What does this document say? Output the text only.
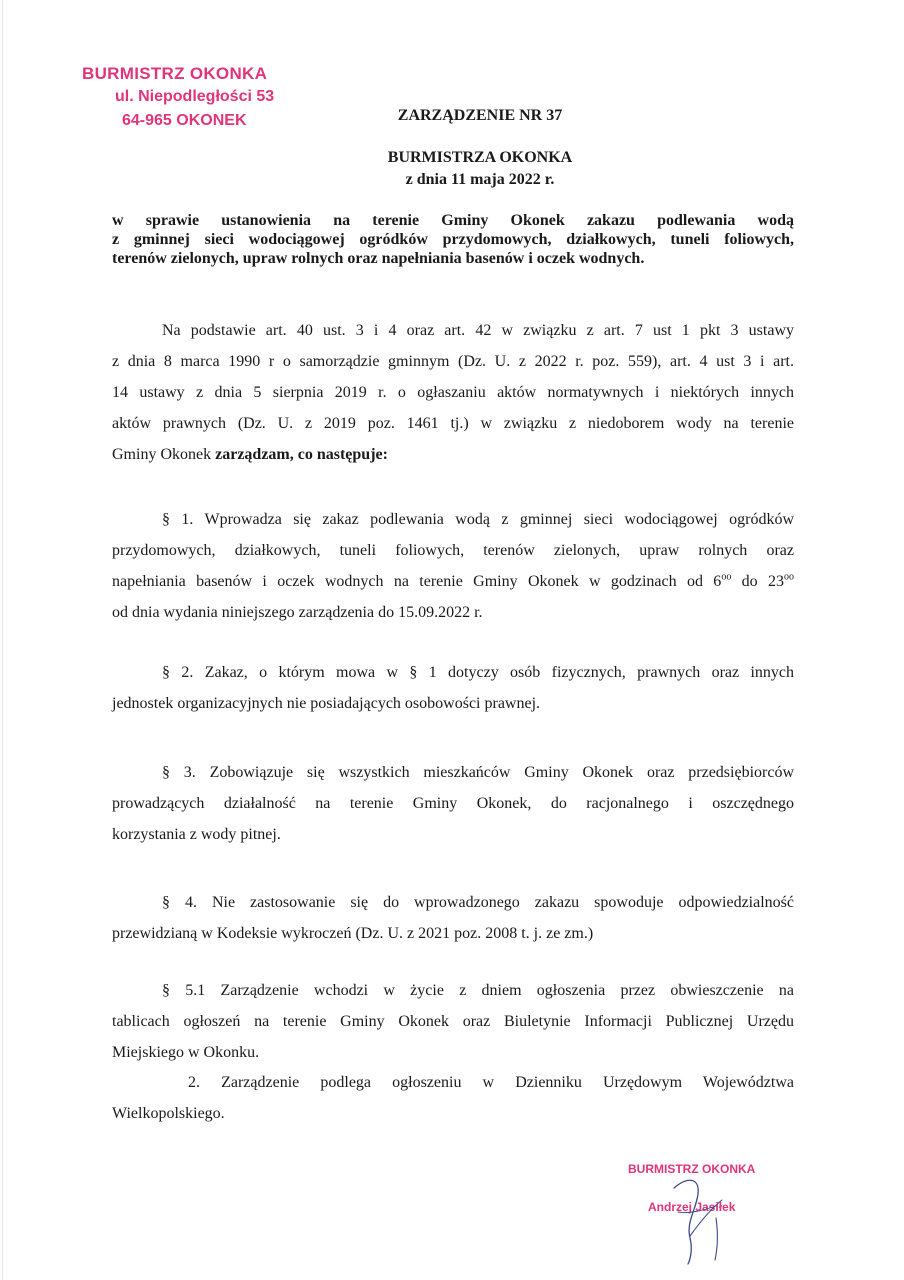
BURMISTRZ OKONKA
ul. Niepodległości 53
64-965 OKONEK	ZARZĄDZENIE NR 37
BURMISTRZA OKONKA
z dnia 11 maja 2022 r.
w sprawie ustanowienia na terenie Gminy Okonek zakazu podlewania wodą
z gminnej sieci wodociągowej ogródków przydomowych, działkowych, tuneli foliowych,
terenów zielonych, upraw rolnych oraz napełniania basenów i oczek wodnych.
Na podstawie art. 40 ust. 3 i 4 oraz art. 42 w związku z art. 7 ust 1 pkt 3 ustawy
z dnia 8 marca 1990 r o samorządzie gminnym (Dz. U. z 2022 r. poz. 559), art. 4 ust 3 i art.
14 ustawy z dnia 5 sierpnia 2019 r. o ogłaszaniu aktów normatywnych i niektórych innych
aktów prawnych (Dz. U. z 2019 poz. 1461 tj.) w związku z niedoborem wody na terenie
Gminy Okonek zarządzam, co następuje:
§ 1. Wprowadza się zakaz podlewania wodą z gminnej sieci wodociągowej ogródków
przydomowych, działkowych, tuneli foliowych, terenów zielonych, upraw rolnych oraz
napełniania basenów i oczek wodnych na terenie Gminy Okonek w godzinach od $6^{oo}$ do $23^{oo}$
od dnia wydania niniejszego zarządzenia do 15.09.2022 r.
§ 2. Zakaz, o którym mowa w § 1 dotyczy osób fizycznych, prawnych oraz innych
jednostek organizacyjnych nie posiadających osobowości prawnej.
§ 3. Zobowiązuje się wszystkich mieszkańców Gminy Okonek oraz przedsiębiorców
prowadzących działalność na terenie Gminy Okonek, do racjonalnego i oszczędnego
korzystania z wody pitnej.
§ 4. Nie zastosowanie się do wprowadzonego zakazu spowoduje odpowiedzialność
przewidzianą w Kodeksie wykroczeń (Dz. U. z 2021 poz. 2008 t. j. ze zm.)
§ 5.1 Zarządzenie wchodzi w życie z dniem ogłoszenia przez obwieszczenie na
tablicach ogłoszeń na terenie Gminy Okonek oraz Biuletynie Informacji Publicznej Urzędu
Miejskiego w Okonku.
2. Zarządzenie podlega ogłoszeniu w Dzienniku Urzędowym Województwa
Wielkopolskiego.
BURMISTRZ OKONKA
Andrzej Jasiłek
